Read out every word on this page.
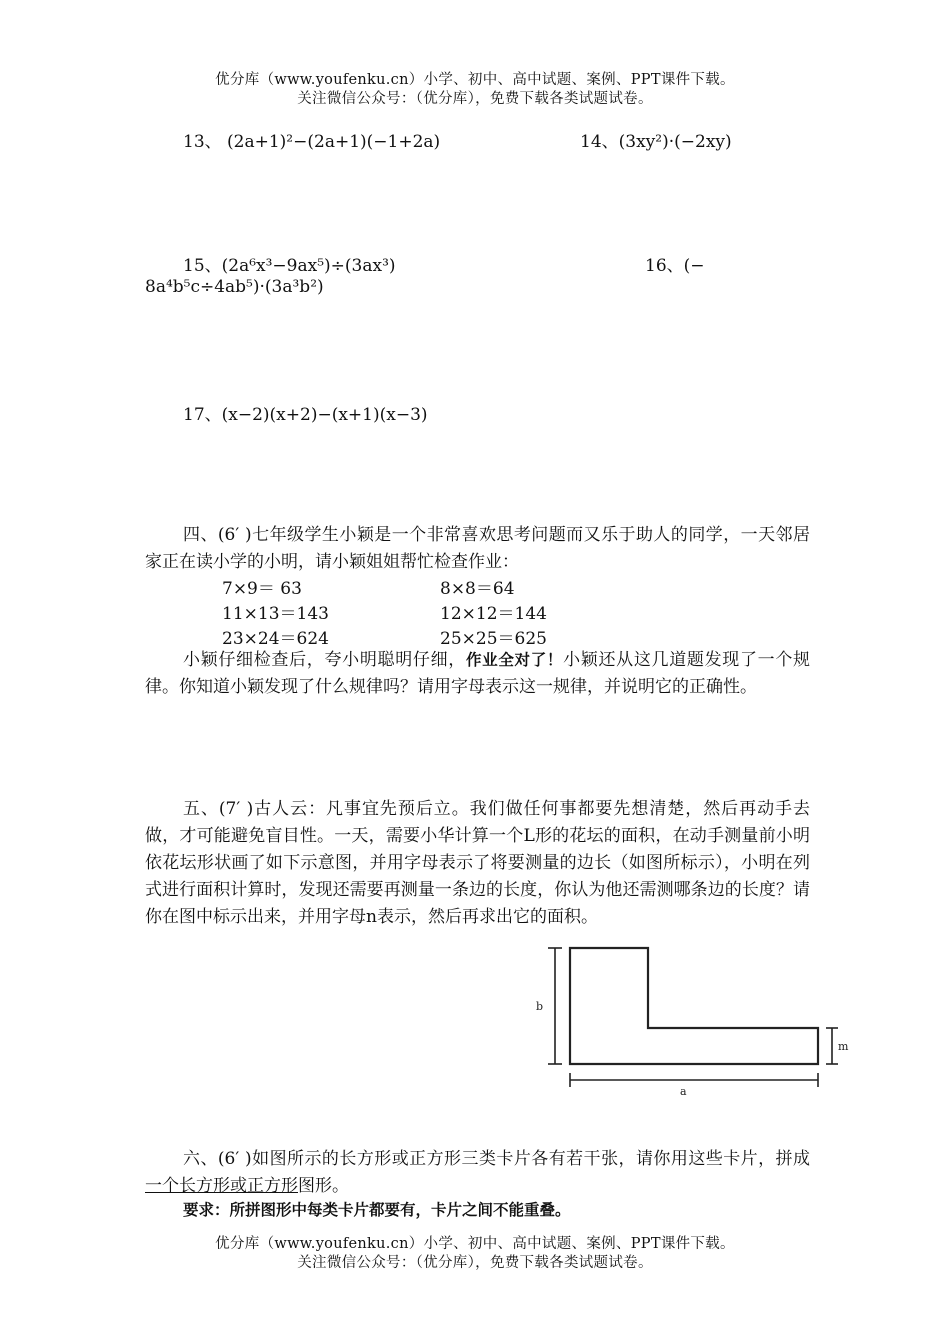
优分库（www.youfenku.cn）小学、初中、高中试题、案例、PPT课件下载。
关注微信公众号：（优分库），免费下载各类试题试卷。
13、 (2a+1)²−(2a+1)(−1+2a)	14、(3xy²)·(−2xy)
15、(2a⁶x³−9ax⁵)÷(3ax³)	16、(−
8a⁴b⁵c÷4ab⁵)·(3a³b²)
17、(x−2)(x+2)−(x+1)(x−3)
四、(6′ )七年级学生小颖是一个非常喜欢思考问题而又乐于助人的同学，一天邻居家正在读小学的小明，请小颖姐姐帮忙检查作业：
7×9＝ 63	8×8＝64
11×13＝143	12×12＝144
23×24＝624	25×25＝625
小颖仔细检查后，夸小明聪明仔细，作业全对了！小颖还从这几道题发现了一个规律。你知道小颖发现了什么规律吗？请用字母表示这一规律，并说明它的正确性。
五、(7′ )古人云：凡事宜先预后立。我们做任何事都要先想清楚，然后再动手去做，才可能避免盲目性。一天，需要小华计算一个L形的花坛的面积，在动手测量前小明依花坛形状画了如下示意图，并用字母表示了将要测量的边长（如图所标示），小明在列式进行面积计算时，发现还需要再测量一条边的长度，你认为他还需测哪条边的长度？请你在图中标示出来，并用字母n表示，然后再求出它的面积。
b
m
a
六、(6′ )如图所示的长方形或正方形三类卡片各有若干张，请你用这些卡片，拼成一个长方形或正方形图形。
要求：所拼图形中每类卡片都要有，卡片之间不能重叠。
优分库（www.youfenku.cn）小学、初中、高中试题、案例、PPT课件下载。
关注微信公众号：（优分库），免费下载各类试题试卷。
